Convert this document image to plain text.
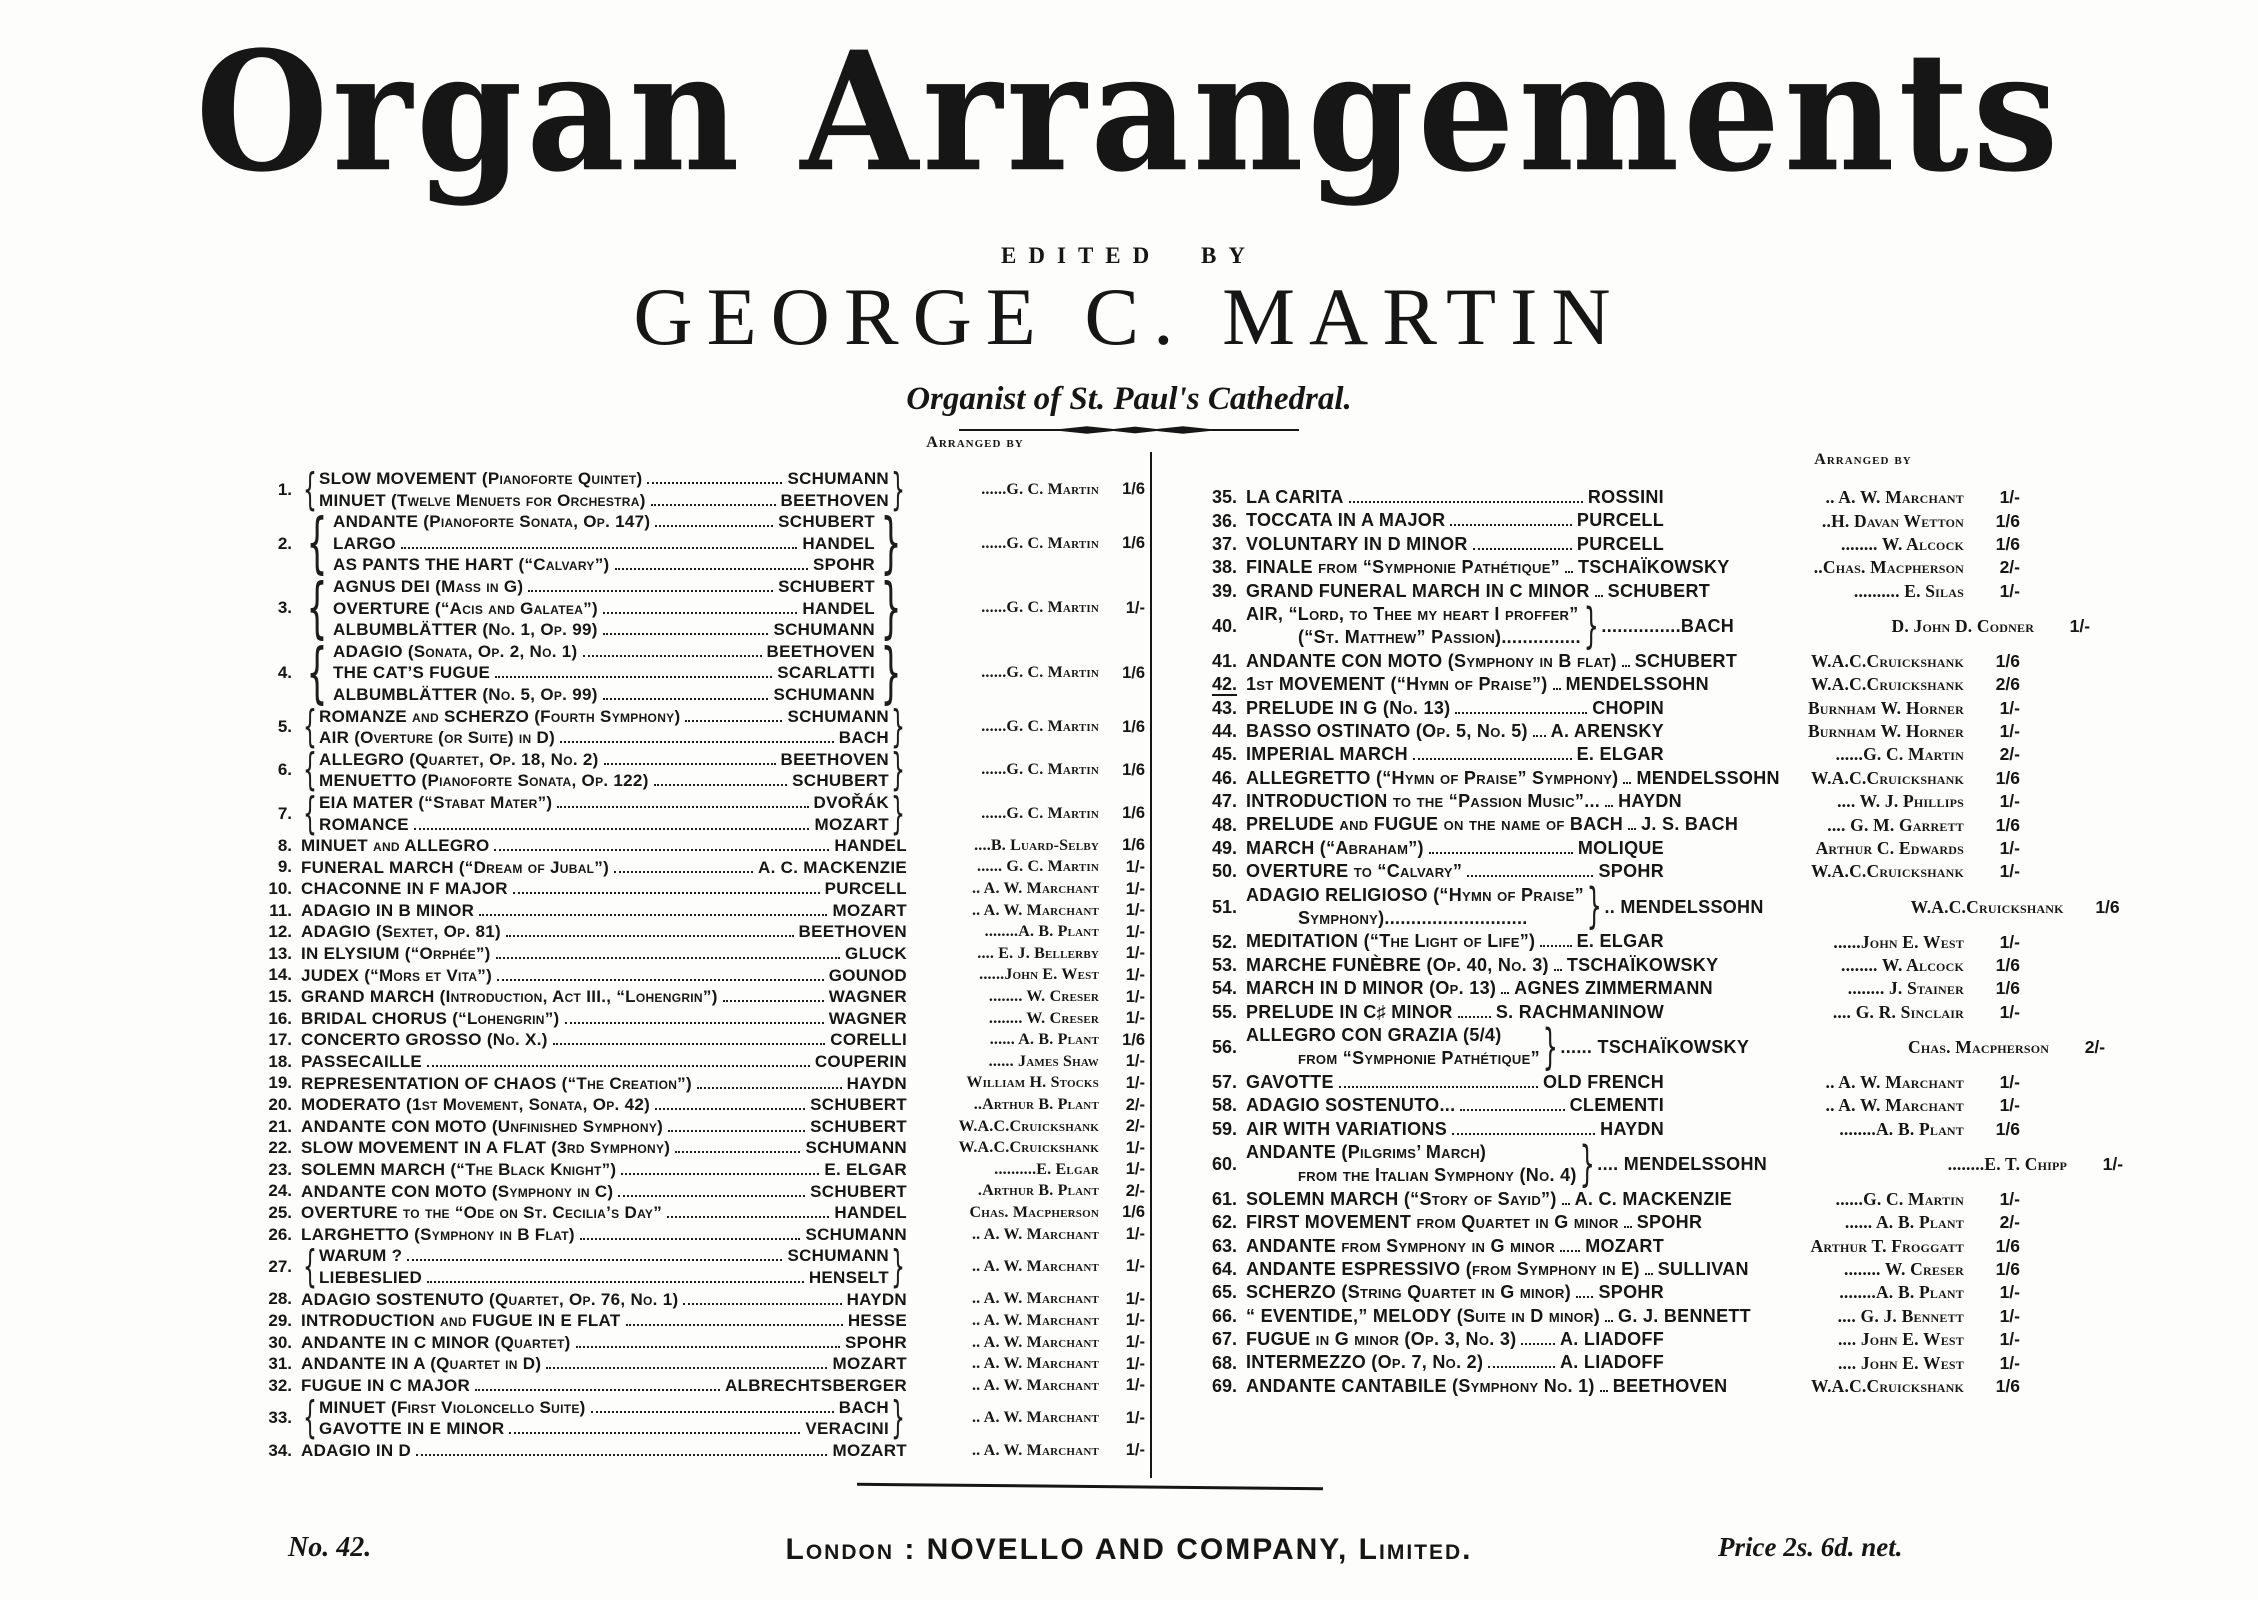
Organ Arrangements
EDITED BY
GEORGE C. MARTIN
Organist of St. Paul's Cathedral.
Arranged by
Arranged by
1. { SLOW MOVEMENT (Pianoforte Quintet)	SCHUMANN
MINUET (Twelve Menuets for Orchestra)	BEETHOVEN }	......G. C. Martin	1/6
2. { ANDANTE (Pianoforte Sonata, Op. 147)	SCHUBERT
LARGO	HANDEL
AS PANTS THE HART (“Calvary”)	SPOHR }	......G. C. Martin	1/6
3. { AGNUS DEI (Mass in G)	SCHUBERT
OVERTURE (“Acis and Galatea”)	HANDEL
ALBUMBLÄTTER (No. 1, Op. 99)	SCHUMANN }	......G. C. Martin	1/-
4. { ADAGIO (Sonata, Op. 2, No. 1)	BEETHOVEN
THE CAT’S FUGUE	SCARLATTI
ALBUMBLÄTTER (No. 5, Op. 99)	SCHUMANN }	......G. C. Martin	1/6
5. { ROMANZE and SCHERZO (Fourth Symphony)	SCHUMANN
AIR (Overture (or Suite) in D)	BACH }	......G. C. Martin	1/6
6. { ALLEGRO (Quartet, Op. 18, No. 2)	BEETHOVEN
MENUETTO (Pianoforte Sonata, Op. 122)	SCHUBERT }	......G. C. Martin	1/6
7. { EIA MATER (“Stabat Mater”)	DVOŘÁK
ROMANCE	MOZART }	......G. C. Martin	1/6
8. MINUET and ALLEGRO	HANDEL	....B. Luard-Selby	1/6
9. FUNERAL MARCH (“Dream of Jubal”)	A. C. MACKENZIE	...... G. C. Martin	1/-
10. CHACONNE IN F MAJOR	PURCELL	.. A. W. Marchant	1/-
11. ADAGIO IN B MINOR	MOZART	.. A. W. Marchant	1/-
12. ADAGIO (Sextet, Op. 81)	BEETHOVEN	........A. B. Plant	1/-
13. IN ELYSIUM (“Orphée”)	GLUCK	.... E. J. Bellerby	1/-
14. JUDEX (“Mors et Vita”)	GOUNOD	......John E. West	1/-
15. GRAND MARCH (Introduction, Act III., “Lohengrin”)	WAGNER	........ W. Creser	1/-
16. BRIDAL CHORUS (“Lohengrin”)	WAGNER	........ W. Creser	1/-
17. CONCERTO GROSSO (No. X.)	CORELLI	...... A. B. Plant	1/6
18. PASSECAILLE	COUPERIN	...... James Shaw	1/-
19. REPRESENTATION OF CHAOS (“The Creation”)	HAYDN	William H. Stocks	1/-
20. MODERATO (1st Movement, Sonata, Op. 42)	SCHUBERT	..Arthur B. Plant	2/-
21. ANDANTE CON MOTO (Unfinished Symphony)	SCHUBERT	W.A.C.Cruickshank	2/-
22. SLOW MOVEMENT IN A FLAT (3rd Symphony)	SCHUMANN	W.A.C.Cruickshank	1/-
23. SOLEMN MARCH (“The Black Knight”)	E. ELGAR	..........E. Elgar	1/-
24. ANDANTE CON MOTO (Symphony in C)	SCHUBERT	.Arthur B. Plant	2/-
25. OVERTURE to the “Ode on St. Cecilia’s Day”	HANDEL	Chas. Macpherson	1/6
26. LARGHETTO (Symphony in B Flat)	SCHUMANN	.. A. W. Marchant	1/-
27. { WARUM ?	SCHUMANN
LIEBESLIED	HENSELT }	.. A. W. Marchant	1/-
28. ADAGIO SOSTENUTO (Quartet, Op. 76, No. 1)	HAYDN	.. A. W. Marchant	1/-
29. INTRODUCTION and FUGUE IN E FLAT	HESSE	.. A. W. Marchant	1/-
30. ANDANTE IN C MINOR (Quartet)	SPOHR	.. A. W. Marchant	1/-
31. ANDANTE IN A (Quartet in D)	MOZART	.. A. W. Marchant	1/-
32. FUGUE IN C MAJOR	ALBRECHTSBERGER	.. A. W. Marchant	1/-
33. { MINUET (First Violoncello Suite)	BACH
GAVOTTE IN E MINOR	VERACINI }	.. A. W. Marchant	1/-
34. ADAGIO IN D	MOZART	.. A. W. Marchant	1/-
35. LA CARITA	ROSSINI	.. A. W. Marchant	1/-
36. TOCCATA IN A MAJOR	PURCELL	..H. Davan Wetton	1/6
37. VOLUNTARY IN D MINOR	PURCELL	........ W. Alcock	1/6
38. FINALE from “Symphonie Pathétique” TSCHAÏKOWSKY	..Chas. Macpherson	2/-
39. GRAND FUNERAL MARCH IN C MINOR SCHUBERT	.......... E. Silas	1/-
40.
AIR, “Lord, to Thee my heart I proffer”
(“St. Matthew” Passion)............... } ...............BACH	D. John D. Codner	1/-
41. ANDANTE CON MOTO (Symphony in B flat) SCHUBERT	W.A.C.Cruickshank	1/6
42. 1st MOVEMENT (“Hymn of Praise”) MENDELSSOHN	W.A.C.Cruickshank	2/6
43. PRELUDE IN G (No. 13)	CHOPIN	Burnham W. Horner	1/-
44. BASSO OSTINATO (Op. 5, No. 5) A. ARENSKY	Burnham W. Horner	1/-
45. IMPERIAL MARCH	E. ELGAR	......G. C. Martin	2/-
46. ALLEGRETTO (“Hymn of Praise” Symphony) MENDELSSOHN	W.A.C.Cruickshank	1/6
47. INTRODUCTION to the “Passion Music”... HAYDN	.... W. J. Phillips	1/-
48. PRELUDE and FUGUE on the name of BACH J. S. BACH	.... G. M. Garrett	1/6
49. MARCH (“Abraham”)	MOLIQUE	Arthur C. Edwards	1/-
50. OVERTURE to “Calvary”	SPOHR	W.A.C.Cruickshank	1/-
51.
ADAGIO RELIGIOSO (“Hymn of Praise”
Symphony)........................... } .. MENDELSSOHN	W.A.C.Cruickshank	1/6
52. MEDITATION (“The Light of Life”) E. ELGAR	......John E. West	1/-
53. MARCHE FUNÈBRE (Op. 40, No. 3) TSCHAÏKOWSKY	........ W. Alcock	1/6
54. MARCH IN D MINOR (Op. 13) AGNES ZIMMERMANN	........ J. Stainer	1/6
55. PRELUDE IN C♯ MINOR S. RACHMANINOW	.... G. R. Sinclair	1/-
56.
ALLEGRO CON GRAZIA (5/4)
from “Symphonie Pathétique” } ...... TSCHAÏKOWSKY	Chas. Macpherson	2/-
57. GAVOTTE	OLD FRENCH	.. A. W. Marchant	1/-
58. ADAGIO SOSTENUTO...	CLEMENTI	.. A. W. Marchant	1/-
59. AIR WITH VARIATIONS	HAYDN	........A. B. Plant	1/6
60.
ANDANTE (Pilgrims’ March)
from the Italian Symphony (No. 4) } .... MENDELSSOHN	........E. T. Chipp	1/-
61. SOLEMN MARCH (“Story of Sayid”) A. C. MACKENZIE	......G. C. Martin	1/-
62. FIRST MOVEMENT from Quartet in G minor SPOHR	...... A. B. Plant	2/-
63. ANDANTE from Symphony in G minor MOZART	Arthur T. Froggatt	1/6
64. ANDANTE ESPRESSIVO (from Symphony in E) SULLIVAN	........ W. Creser	1/6
65. SCHERZO (String Quartet in G minor) SPOHR	........A. B. Plant	1/-
66. “ EVENTIDE,” MELODY (Suite in D minor) G. J. BENNETT	.... G. J. Bennett	1/-
67. FUGUE in G minor (Op. 3, No. 3) A. LIADOFF	.... John E. West	1/-
68. INTERMEZZO (Op. 7, No. 2)	A. LIADOFF	.... John E. West	1/-
69. ANDANTE CANTABILE (Symphony No. 1) BEETHOVEN	W.A.C.Cruickshank	1/6
No. 42.	London : NOVELLO AND COMPANY, Limited.	Price 2s. 6d. net.
